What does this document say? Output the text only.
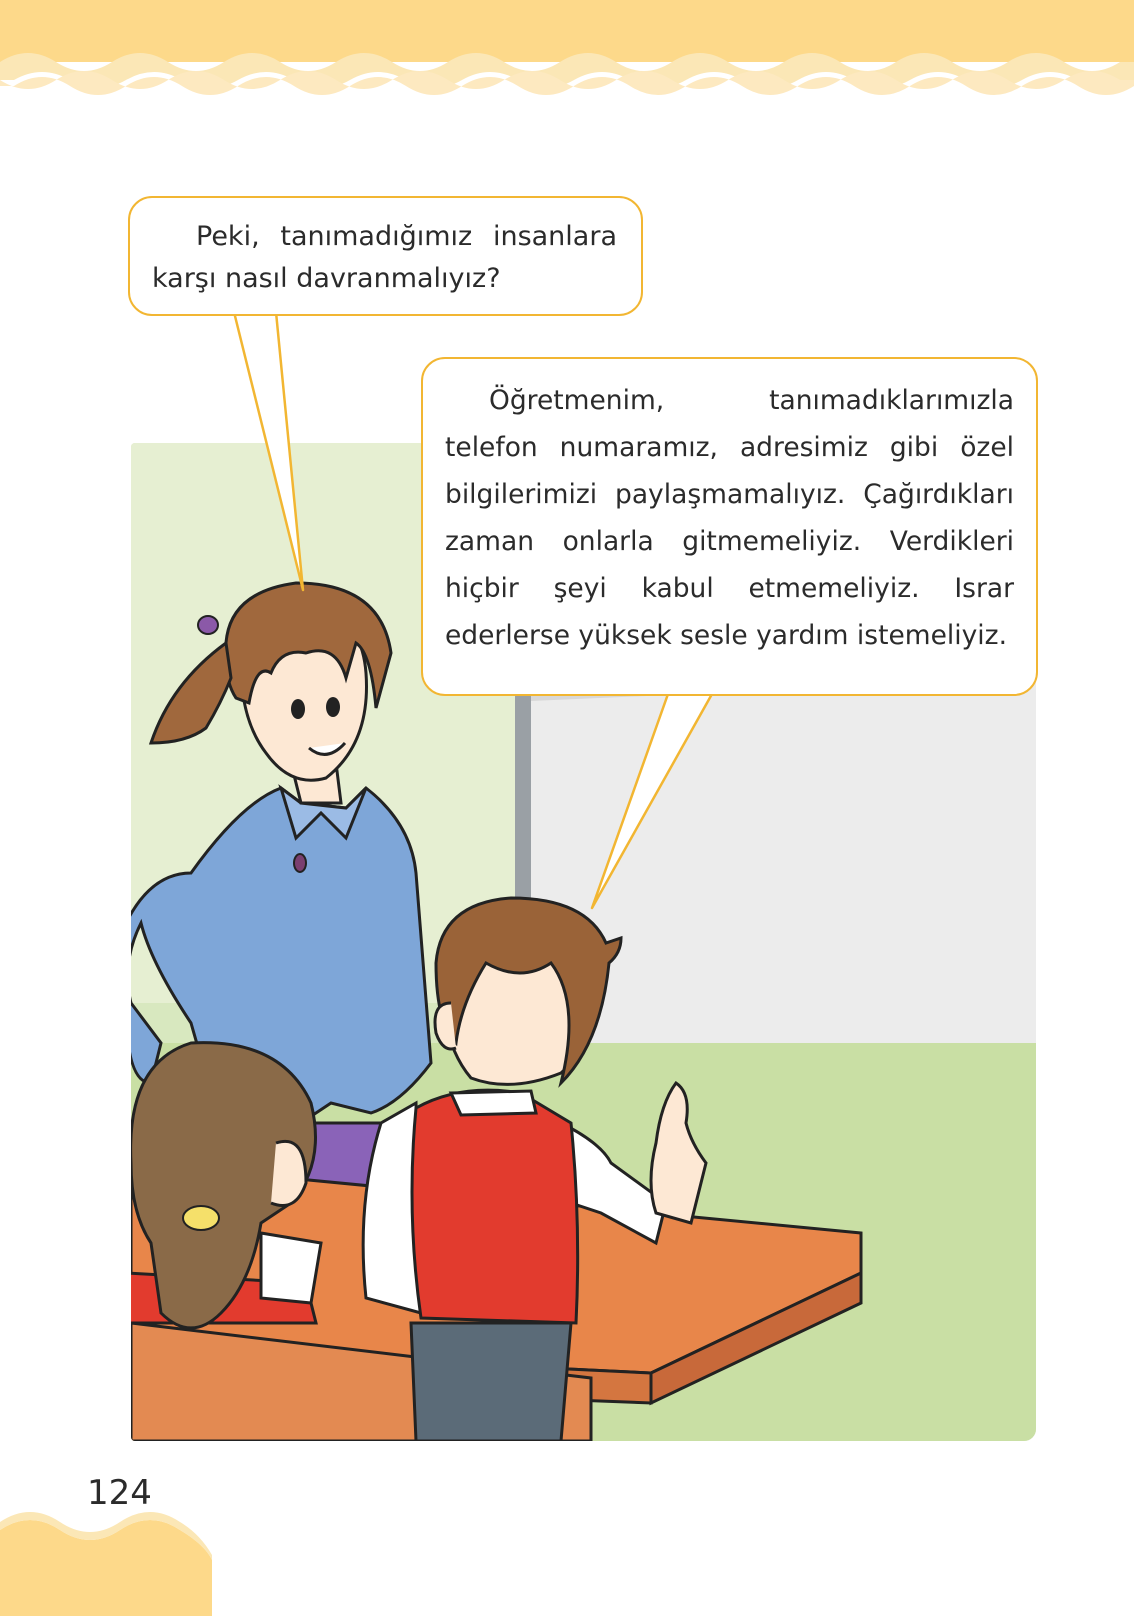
Peki, tanımadığımız insanlara karşı nasıl davranmalıyız?

Öğretmenim, tanımadıklarımızla telefon numaramız, adresimiz gibi özel bilgilerimizi paylaşmamalıyız. Çağırdıkları zaman onlarla gitmemeliyiz. Verdikleri hiçbir şeyi kabul etmemeliyiz. Israr ederlerse yüksek sesle yardım istemeliyiz.

124
